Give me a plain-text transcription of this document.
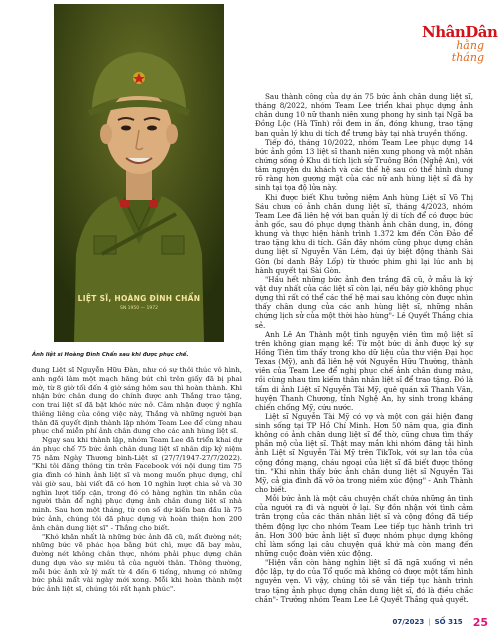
NhânDân
hằng tháng
LIỆT SĨ, HOÀNG ĐÌNH CHẨN
SN 1950 — 1972
Ảnh liệt sĩ Hoàng Đình Chẩn sau khi được phục chế.

đung Liệt sĩ Nguyễn Hữu Đàn, như có sự thôi thúc vô hình, anh ngồi làm một mạch hăng bút chì trên giấy đã bị phai mờ, từ 8 giờ tối đến 4 giờ sáng hôm sau thì hoàn thành. Khi nhận bức chân dung do chính được anh Thắng trao tặng, con trai liệt sĩ đã bật khóc nức nở. Cảm nhận được ý nghĩa thiêng liêng của công việc này, Thắng và những người bạn thân đã quyết định thành lập nhóm Team Lee để cùng nhau phục chế miễn phí ảnh chân dung cho các anh hùng liệt sĩ.

Ngay sau khi thành lập, nhóm Team Lee đã triển khai dự án phục chế 75 bức ảnh chân dung liệt sĩ nhân dịp kỷ niệm 75 năm Ngày Thương binh-Liệt sĩ (27/7/1947-27/7/2022). "Khi tôi đăng thông tin trên Facebook với nội dung tìm 75 gia đình có hình ảnh liệt sĩ và mong muốn phục dựng, chỉ vài giờ sau, bài viết đã có hơn 10 nghìn lượt chia sẻ và 30 nghìn lượt tiếp cận, trong đó có hàng nghìn tin nhắn của người thân để nghị phục dựng ảnh chân dung liệt sĩ nhà mình. Sau hơn một tháng, từ con số dự kiến ban đầu là 75 bức ảnh, chúng tôi đã phục dựng và hoàn thiện hơn 200 ảnh chân dung liệt sĩ" - Thắng cho biết.

"Khó khăn nhất là những bức ảnh đã cũ, mất đường nét; những bức vẽ phác họa bằng bút chì, mực đã bay màu, đường nét không chân thực, nhóm phải phục dựng chân dung dựa vào sự miêu tả của người thân. Thông thường, mỗi bức ảnh xử lý mất từ 4 đến 6 tiếng, nhưng có những bức phải mất vài ngày mới xong. Mỗi khi hoàn thành một bức ảnh liệt sĩ, chúng tôi rất hạnh phúc".

Sau thành công của dự án 75 bức ảnh chân dung liệt sĩ, tháng 8/2022, nhóm Team Lee triển khai phục dựng ảnh chân dung 10 nữ thanh niên xung phong hy sinh tại Ngã ba Đồng Lộc (Hà Tĩnh) rồi đem in ấn, đóng khung, trao tặng ban quản lý khu di tích để trưng bày tại nhà truyền thống.

Tiếp đó, tháng 10/2022, nhóm Team Lee phục dựng 14 bức ảnh gồm 13 liệt sĩ thanh niên xung phong và một nhân chứng sống ở Khu di tích lịch sử Truông Bồn (Nghệ An), với tâm nguyện du khách và các thế hệ sau có thể hình dung rõ ràng hơn gương mặt của các nữ anh hùng liệt sĩ đã hy sinh tại tọa độ lửa này.

Khi được biết Khu tưởng niệm Anh hùng Liệt sĩ Võ Thị Sáu chưa có ảnh chân dung liệt sĩ, tháng 4/2023, nhóm Team Lee đã liên hệ với ban quản lý di tích để có được bức ảnh gốc, sau đó phục dựng thành ảnh chân dung, in, đóng khung và thực hiện hành trình 1.372 km đến Côn Đảo để trao tặng khu di tích. Gần đây nhóm cũng phục dựng chân dung liệt sĩ Nguyễn Văn Lém, đại úy biệt động thành Sài Gòn (bí danh Bảy Lốp) từ thước phim ghi lại lúc anh bị hành quyết tại Sài Gòn.

"Hầu hết những bức ảnh đen trắng đã cũ, ở mẫu là ký vật duy nhất của các liệt sĩ còn lại, nếu bây giờ không phục dựng thì rất có thể các thế hệ mai sau không còn được nhìn thấy chân dung của các anh hùng liệt sĩ, những nhân chứng lịch sử của một thời hào hùng"- Lê Quyết Thắng chia sẻ.

Anh Lê An Thành một tình nguyện viên tìm mộ liệt sĩ trên không gian mạng kể: Từ một bức di ảnh được ký sự Hồng Tiên tìm thấy trong kho dữ liệu của thư viện Đại học Texas (Mỹ), anh đã liên hệ với Nguyễn Hữu Thường, thành viên của Team Lee để nghị phục chế ảnh chân dung màu, rồi cùng nhau tìm kiếm thân nhân liệt sĩ để trao tặng. Đó là tấm di ảnh Liệt sĩ Nguyễn Tài Mỹ, quê quán xã Thanh Văn, huyện Thanh Chương, tỉnh Nghệ An, hy sinh trong kháng chiến chống Mỹ, cứu nước.

Liệt sĩ Nguyễn Tài Mỹ có vợ và một con gái hiện đang sinh sống tại TP Hồ Chí Minh. Hơn 50 năm qua, gia đình không có ảnh chân dung liệt sĩ để thờ, cũng chưa tìm thấy phần mộ của liệt sĩ. Thật may mắn khi nhóm đăng tải hình ảnh Liệt sĩ Nguyễn Tài Mỹ trên TikTok, với sự lan tỏa của cộng đồng mạng, cháu ngoại của liệt sĩ đã biết được thông tin. "Khi nhìn thấy bức ảnh chân dung liệt sĩ Nguyễn Tài Mỹ, cả gia đình đã vỡ òa trong niềm xúc động" - Anh Thành cho biết.

Mỗi bức ảnh là một câu chuyện chất chứa những ân tình của người ra đi và người ở lại. Sự đồn nhận với tình cảm trân trọng của các thân nhân liệt sĩ và cộng đồng đã tiếp thêm động lực cho nhóm Team Lee tiếp tục hành trình tri ân. Hơn 300 bức ảnh liệt sĩ được nhóm phục dựng không chỉ làm sống lại câu chuyện quá khứ mà còn mang đến những cuộc đoàn viên xúc động.

"Hiện vẫn còn hàng nghìn liệt sĩ đã ngã xuống vì nền độc lập, tự do của Tổ quốc mà không có được một tấm hình nguyên vẹn. Vì vậy, chúng tôi sẽ vẫn tiếp tục hành trình trao tặng ảnh phục dựng chân dung liệt sĩ, đó là điều chắc chắn"- Trưởng nhóm Team Lee Lê Quyết Thắng quả quyết.

07/2023 | SỐ 315 25
